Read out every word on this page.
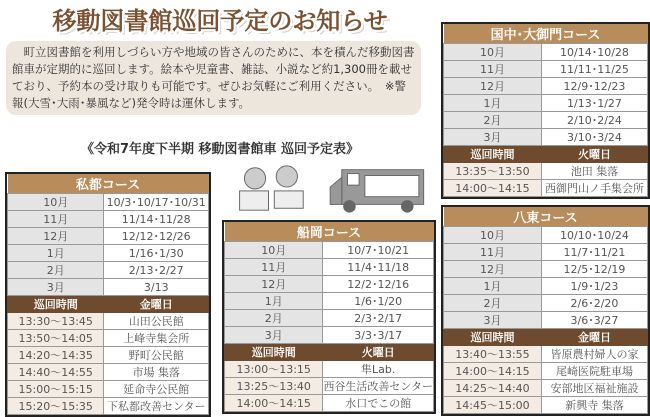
移動図書館巡回予定のお知らせ
　町立図書館を利用しづらい方や地域の皆さんのために、本を積んだ移動図書館車が定期的に巡回します。絵本や児童書、雑誌、小説など約1,300冊を載せており、予約本の受け取りも可能です。ぜひお気軽にご利用ください。　※警報(大雪･大雨･暴風など)発令時は運休します。
《令和7年度下半期 移動図書館車 巡回予定表》
私都コース	
10月	10/3･10/17･10/31
11月	11/14･11/28
12月	12/12･12/26
1月	1/16･1/30
2月	2/13･2/27
3月	3/13
巡回時間	金曜日
13:30～13:45	山田公民館
13:50～14:05	上峰寺集会所
14:20～14:35	野町公民館
14:40～14:55	市場 集落
15:00～15:15	延命寺公民館
15:20～15:35	下私都改善センター
船岡コース	
10月	10/7･10/21
11月	11/4･11/18
12月	12/2･12/16
1月	1/6･1/20
2月	2/3･2/17
3月	3/3･3/17
巡回時間	火曜日
13:00～13:15	隼Lab.
13:25～13:40	西谷生活改善センター
14:00～14:15	水口でこの館
国中･大御門コース	
10月	10/14･10/28
11月	11/11･11/25
12月	12/9･12/23
1月	1/13･1/27
2月	2/10･2/24
3月	3/10･3/24
巡回時間	火曜日
13:35～13:50	池田 集落
14:00～14:15	西御門山ノ手集会所
八東コース	
10月	10/10･10/24
11月	11/7･11/21
12月	12/5･12/19
1月	1/9･1/23
2月	2/6･2/20
3月	3/6･3/27
巡回時間	金曜日
13:40～13:55	皆原農村婦人の家
14:00～14:15	尾崎医院駐車場
14:25～14:40	安部地区福祉施設
14:45～15:00	新興寺 集落
